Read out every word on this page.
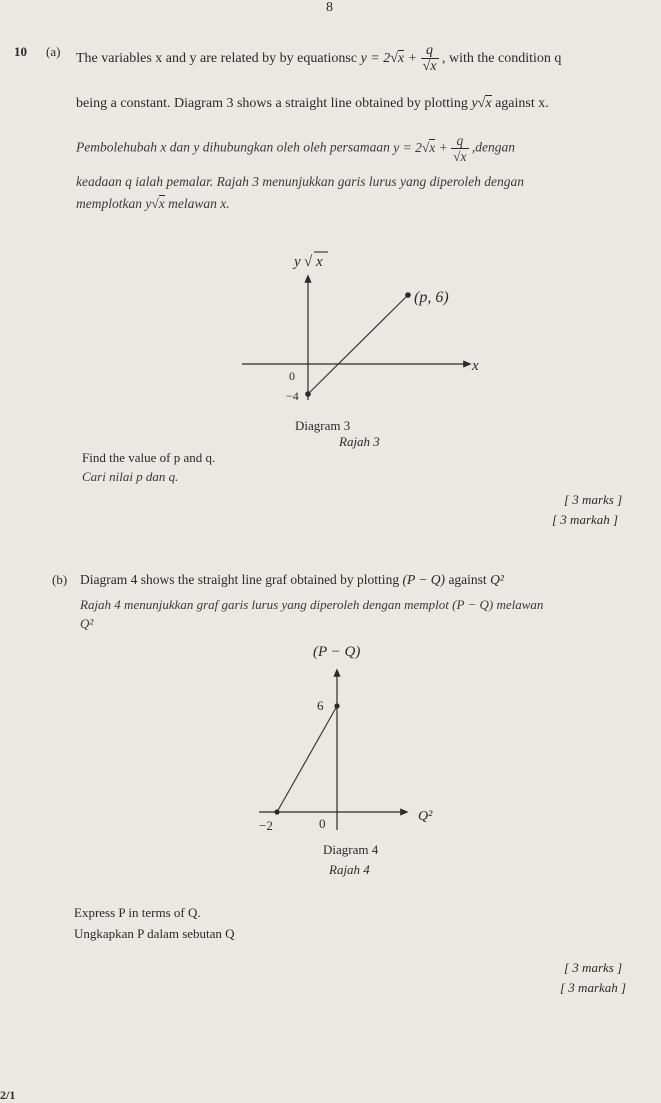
8
10 (a) The variables x and y are related by by equationsc $y = 2√x + \frac{q}{√x}$ , with the condition q
being a constant. Diagram 3 shows a straight line obtained by plotting y√x against x.
Pembolehubah x dan y dihubungkan oleh oleh persamaan $y = 2√x + \frac{q}{√x}$ ,dengan
keadaan q ialah pemalar. Rajah 3 menunjukkan garis lurus yang diperoleh dengan
memplotkan y√x melawan x.
y √ x
x
(p, 6)
0
−4
Diagram 3
Rajah 3
Find the value of p and q.
Cari nilai p dan q.
[ 3 marks ]
[ 3 markah ]
(b) Diagram 4 shows the straight line graf obtained by plotting (P − Q) against Q²
Rajah 4 menunjukkan graf garis lurus yang diperoleh dengan memplot (P − Q) melawan
Q²
(P − Q)
Q²
6
−2	0
Diagram 4
Rajah 4
Express P in terms of Q.
Ungkapkan P dalam sebutan Q
[ 3 marks ]
[ 3 markah ]
2/1
